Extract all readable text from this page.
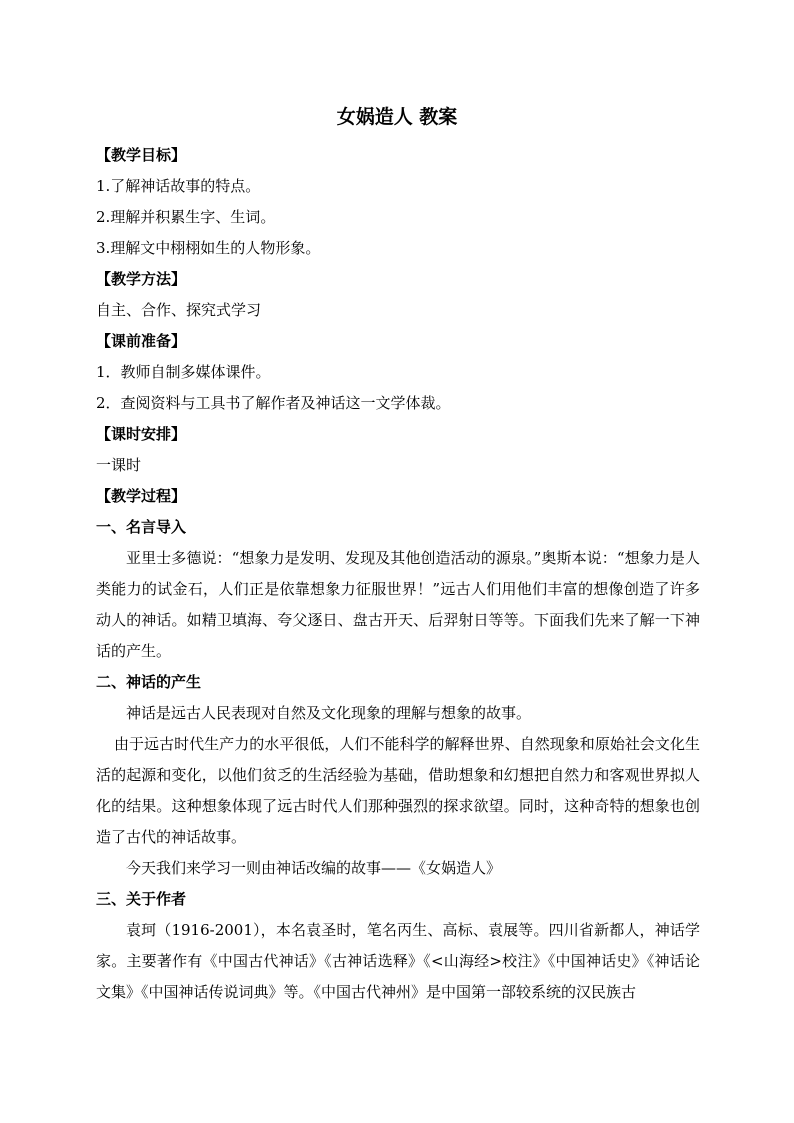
女娲造人 教案
【教学目标】
1.了解神话故事的特点。
2.理解并积累生字、生词。
3.理解文中栩栩如生的人物形象。
【教学方法】
自主、合作、探究式学习
【课前准备】
1．教师自制多媒体课件。
2．查阅资料与工具书了解作者及神话这一文学体裁。
【课时安排】
一课时
【教学过程】
一、名言导入
亚里士多德说：“想象力是发明、发现及其他创造活动的源泉。”奥斯本说：“想象力是人类能力的试金石，人们正是依靠想象力征服世界！”远古人们用他们丰富的想像创造了许多动人的神话。如精卫填海、夸父逐日、盘古开天、后羿射日等等。下面我们先来了解一下神话的产生。
二、神话的产生
神话是远古人民表现对自然及文化现象的理解与想象的故事。
由于远古时代生产力的水平很低，人们不能科学的解释世界、自然现象和原始社会文化生活的起源和变化，以他们贫乏的生活经验为基础，借助想象和幻想把自然力和客观世界拟人化的结果。这种想象体现了远古时代人们那种强烈的探求欲望。同时，这种奇特的想象也创造了古代的神话故事。
今天我们来学习一则由神话改编的故事——《女娲造人》
三、关于作者
袁珂（1916-2001），本名袁圣时，笔名丙生、高标、袁展等。四川省新都人，神话学家。主要著作有《中国古代神话》《古神话选释》《<山海经>校注》《中国神话史》《神话论文集》《中国神话传说词典》等。《中国古代神州》是中国第一部较系统的汉民族古
